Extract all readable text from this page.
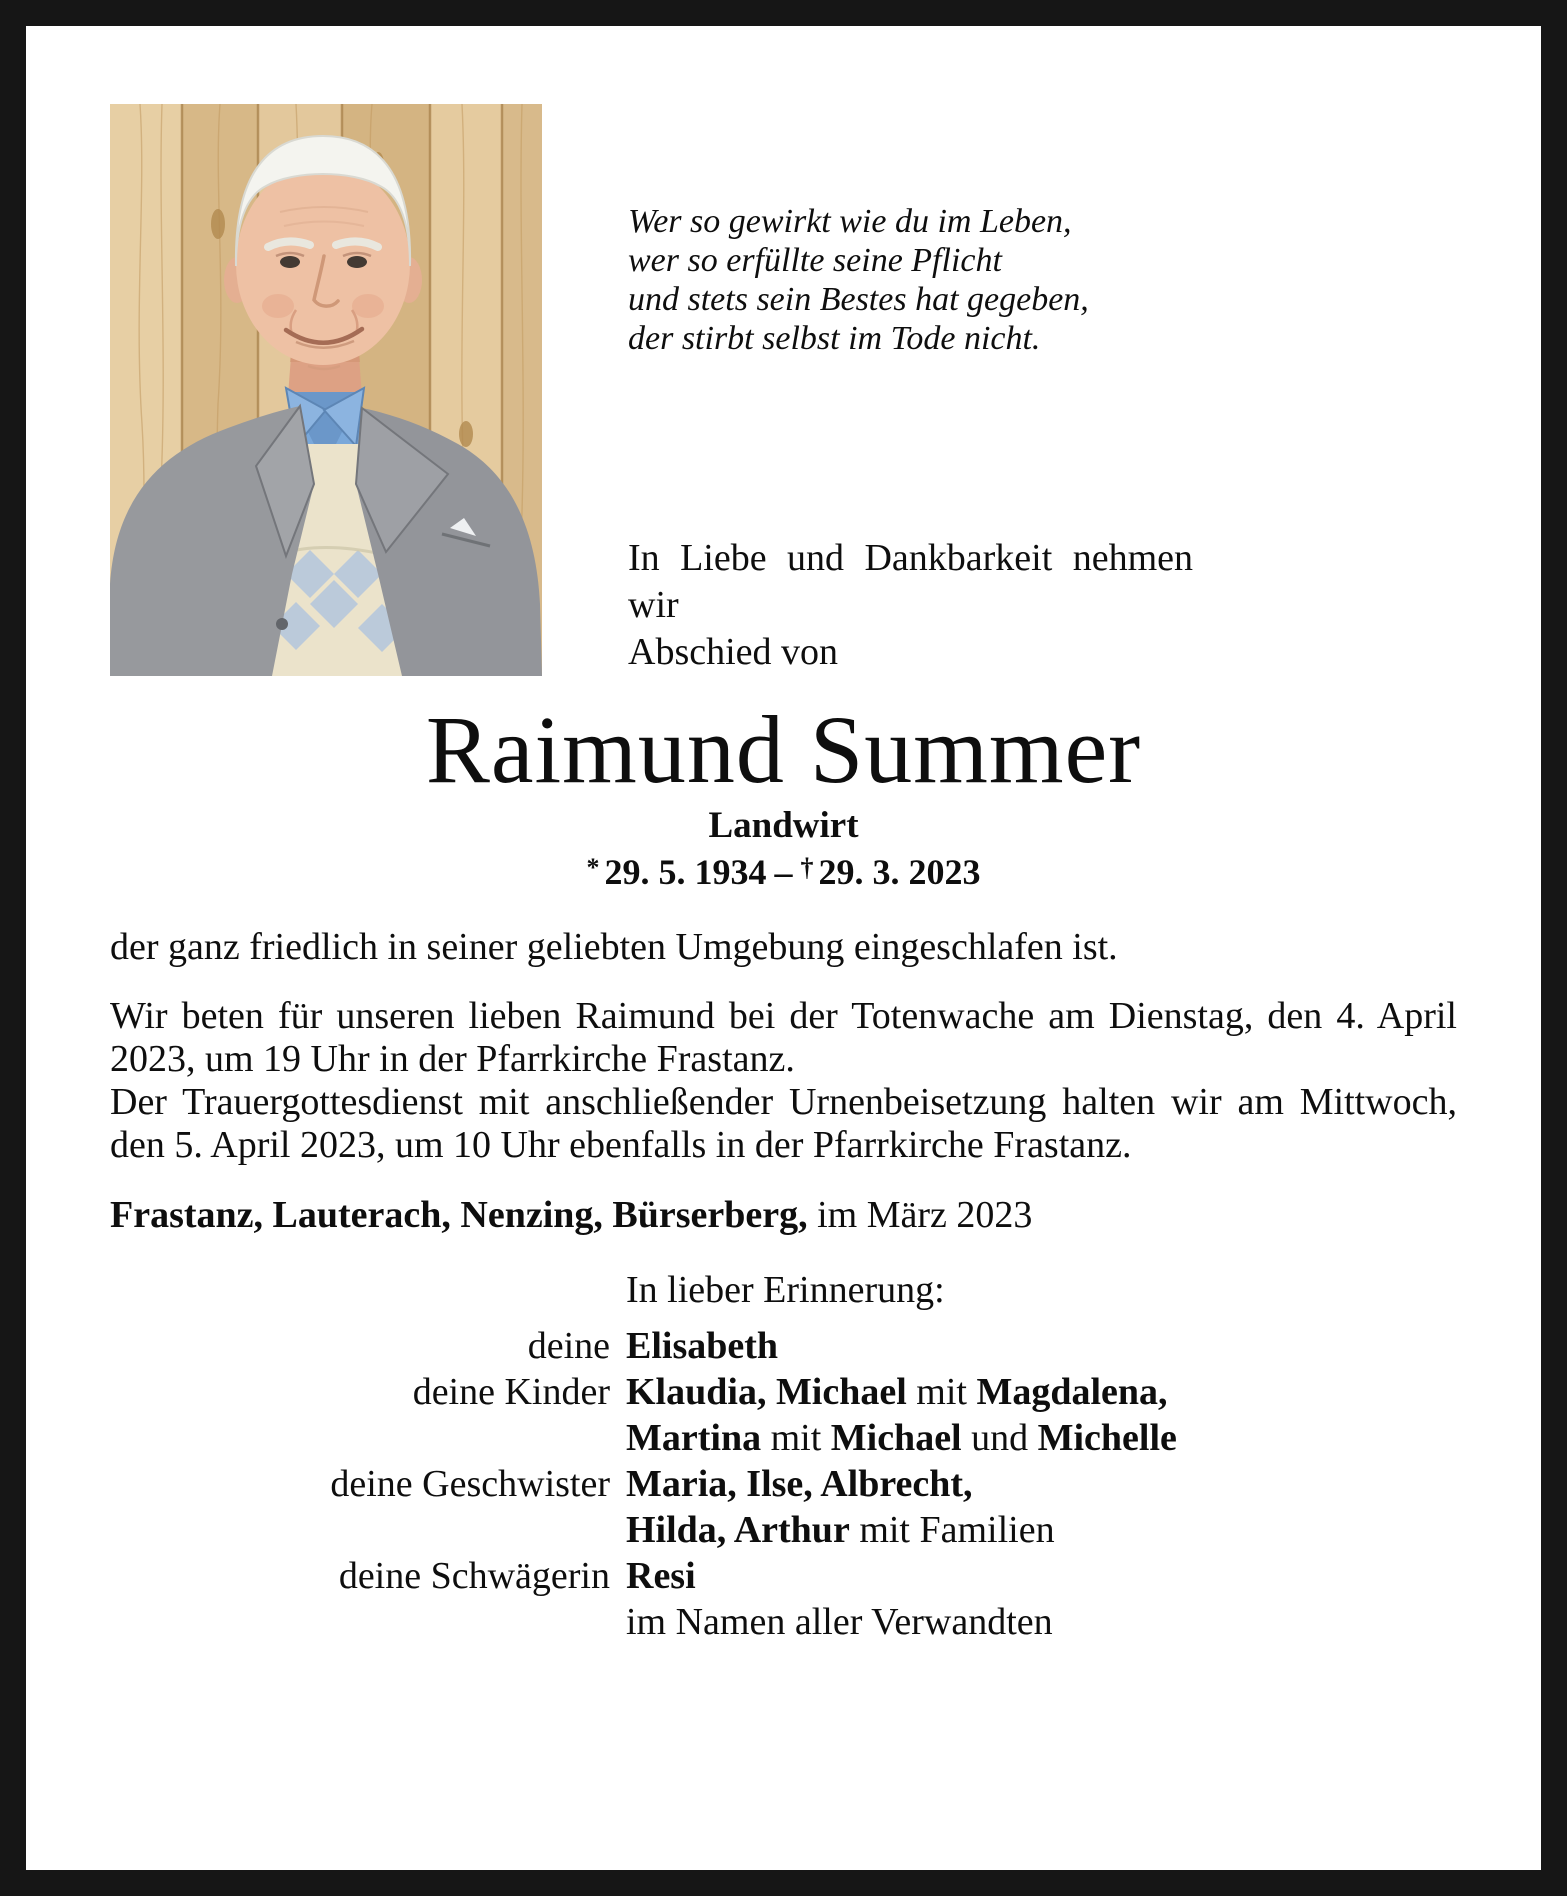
Wer so gewirkt wie du im Leben,
wer so erfüllte seine Pflicht
und stets sein Bestes hat gegeben,
der stirbt selbst im Tode nicht.
In Liebe und Dankbarkeit nehmen wir
Abschied von
Raimund Summer
Landwirt
* 29. 5. 1934 – † 29. 3. 2023

der ganz friedlich in seiner geliebten Umgebung eingeschlafen ist.

Wir beten für unseren lieben Raimund bei der Totenwache am Dienstag, den 4. April 2023, um 19 Uhr in der Pfarrkirche Frastanz.

Der Trauergottesdienst mit anschließender Urnenbeisetzung halten wir am Mittwoch, den 5. April 2023, um 10 Uhr ebenfalls in der Pfarrkirche Frastanz.

Frastanz, Lauterach, Nenzing, Bürserberg, im März 2023

In lieber Erinnerung:
deine Elisabeth
deine Kinder Klaudia, Michael mit Magdalena,
Martina mit Michael und Michelle
deine Geschwister Maria, Ilse, Albrecht,
Hilda, Arthur mit Familien
deine Schwägerin Resi
im Namen aller Verwandten
